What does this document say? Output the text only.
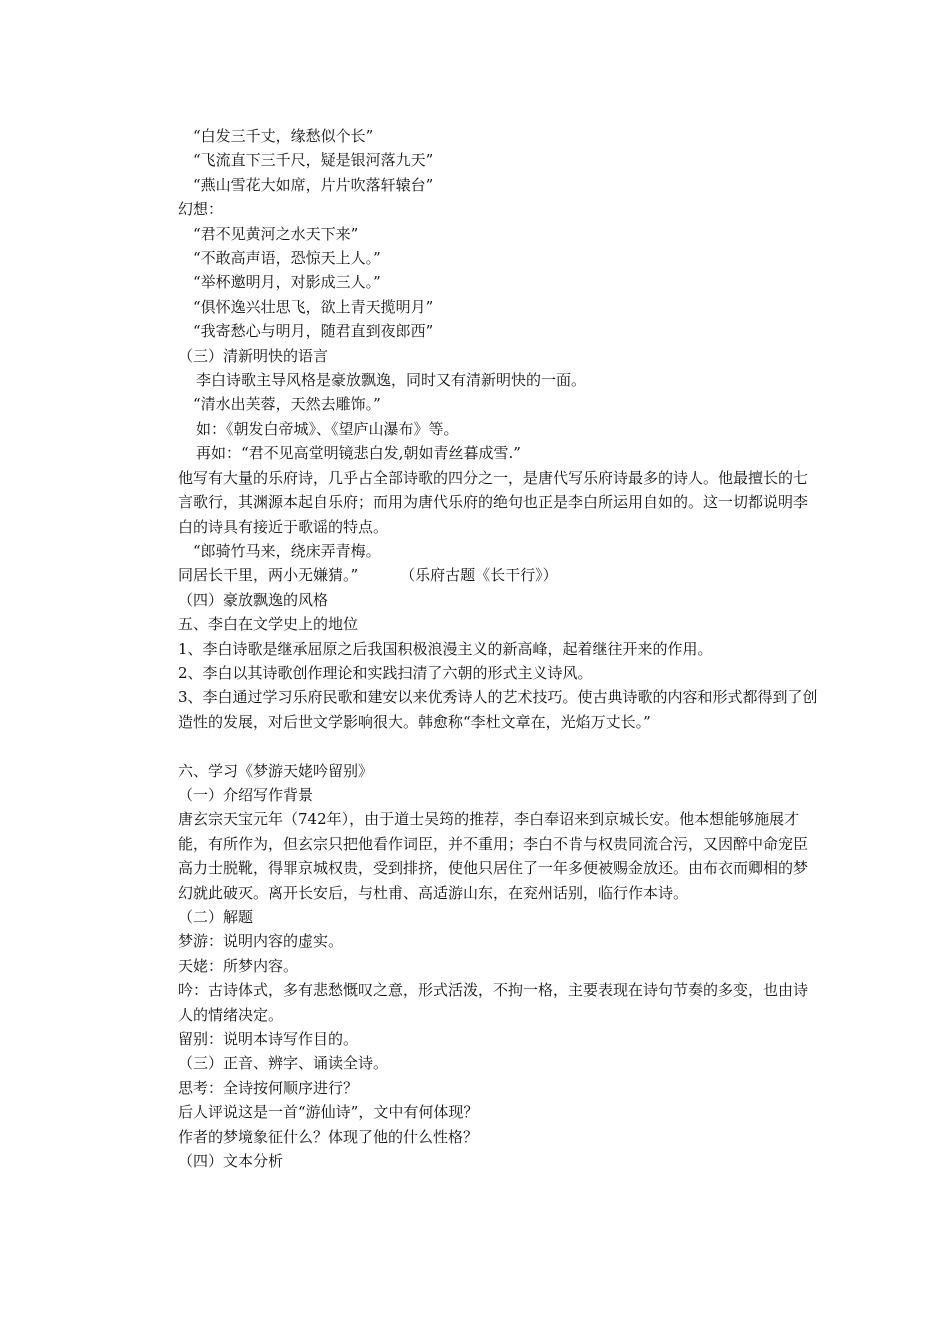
“白发三千丈，缘愁似个长”
“飞流直下三千尺，疑是银河落九天”
“燕山雪花大如席，片片吹落轩辕台”
幻想：
“君不见黄河之水天下来”
“不敢高声语，恐惊天上人。”
“举杯邀明月，对影成三人。”
“俱怀逸兴壮思飞，欲上青天揽明月”
“我寄愁心与明月，随君直到夜郎西”
（三）清新明快的语言
李白诗歌主导风格是豪放飘逸，同时又有清新明快的一面。
“清水出芙蓉，天然去雕饰。”
如：《朝发白帝城》、《望庐山瀑布》等。
再如：“君不见高堂明镜悲白发,朝如青丝暮成雪.”
他写有大量的乐府诗，几乎占全部诗歌的四分之一，是唐代写乐府诗最多的诗人。他最擅长的七言歌行，其渊源本起自乐府；而用为唐代乐府的绝句也正是李白所运用自如的。这一切都说明李白的诗具有接近于歌谣的特点。
“郎骑竹马来，绕床弄青梅。
同居长干里，两小无嫌猜。”	（乐府古题《长干行》）
（四）豪放飘逸的风格
五、李白在文学史上的地位
1、李白诗歌是继承屈原之后我国积极浪漫主义的新高峰，起着继往开来的作用。
2、李白以其诗歌创作理论和实践扫清了六朝的形式主义诗风。
3、李白通过学习乐府民歌和建安以来优秀诗人的艺术技巧。使古典诗歌的内容和形式都得到了创造性的发展，对后世文学影响很大。韩愈称“李杜文章在，光焰万丈长。”
六、学习《梦游天姥吟留别》
（一）介绍写作背景
唐玄宗天宝元年（742年），由于道士吴筠的推荐，李白奉诏来到京城长安。他本想能够施展才能，有所作为，但玄宗只把他看作词臣，并不重用；李白不肯与权贵同流合污，又因醉中命宠臣高力士脱靴，得罪京城权贵，受到排挤，使他只居住了一年多便被赐金放还。由布衣而卿相的梦幻就此破灭。离开长安后，与杜甫、高适游山东，在兖州话别，临行作本诗。
（二）解题
梦游：说明内容的虚实。
天姥：所梦内容。
吟：古诗体式，多有悲愁慨叹之意，形式活泼，不拘一格，主要表现在诗句节奏的多变，也由诗人的情绪决定。
留别：说明本诗写作目的。
（三）正音、辨字、诵读全诗。
思考：全诗按何顺序进行？
后人评说这是一首“游仙诗”，文中有何体现？
作者的梦境象征什么？体现了他的什么性格？
（四）文本分析
